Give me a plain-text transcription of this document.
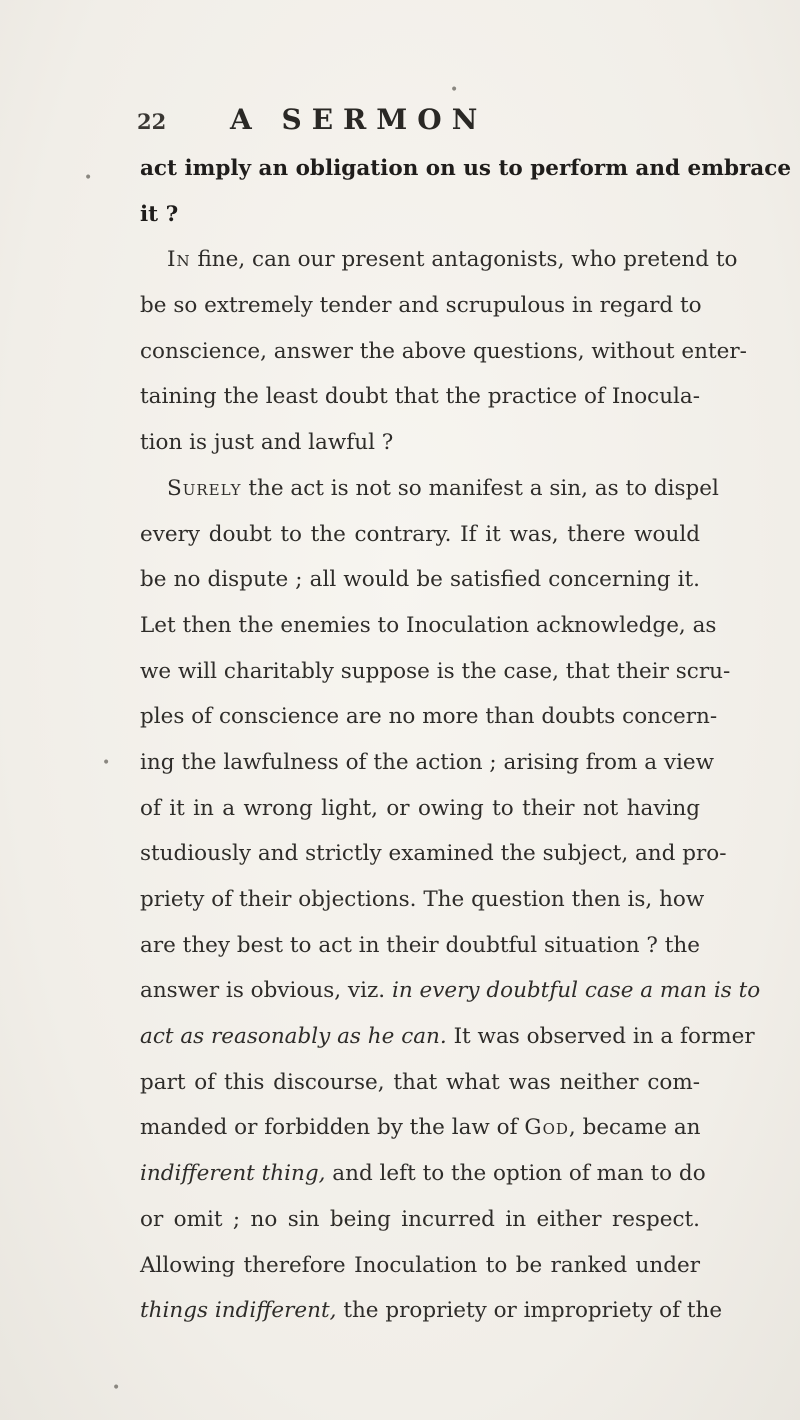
22 A SERMON
act imply an obligation on us to perform and embrace
it ?
In fine, can our present antagonists, who pretend to
be so extremely tender and scrupulous in regard to
conscience, answer the above questions, without enter-
taining the least doubt that the practice of Inocula-
tion is just and lawful ?
Surely the act is not so manifest a sin, as to dispel
every doubt to the contrary. If it was, there would
be no dispute ; all would be satisfied concerning it.
Let then the enemies to Inoculation acknowledge, as
we will charitably suppose is the case, that their scru-
ples of conscience are no more than doubts concern-
ing the lawfulness of the action ; arising from a view
of it in a wrong light, or owing to their not having
studiously and strictly examined the subject, and pro-
priety of their objections. The question then is, how
are they best to act in their doubtful situation ? the
answer is obvious, viz. in every doubtful case a man is to
act as reasonably as he can. It was observed in a former
part of this discourse, that what was neither com-
manded or forbidden by the law of God, became an
indifferent thing, and left to the option of man to do
or omit ; no sin being incurred in either respect.
Allowing therefore Inoculation to be ranked under
things indifferent, the propriety or impropriety of the
•
•
•
•
